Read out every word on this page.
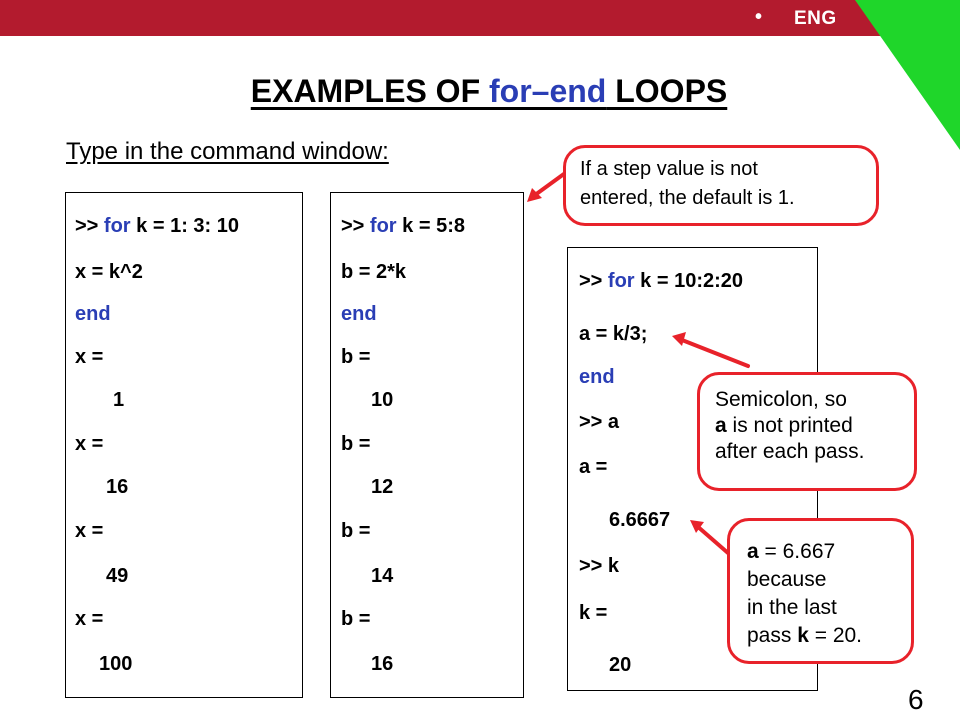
• ENG
EXAMPLES OF for–end LOOPS
Type in the command window:
>> for k = 1: 3: 10
x = k^2
end
x =
1
x =
16
x =
49
x =
100
>> for k = 5:8
b = 2*k
end
b =
10
b =
12
b =
14
b =
16
>> for k = 10:2:20
a = k/3;
end
>> a
a =
6.6667
>> k
k =
20
If a step value is not
entered, the default is 1.
Semicolon, so
a is not printed
after each pass.
a = 6.667
because
in the last
pass k = 20.
6
